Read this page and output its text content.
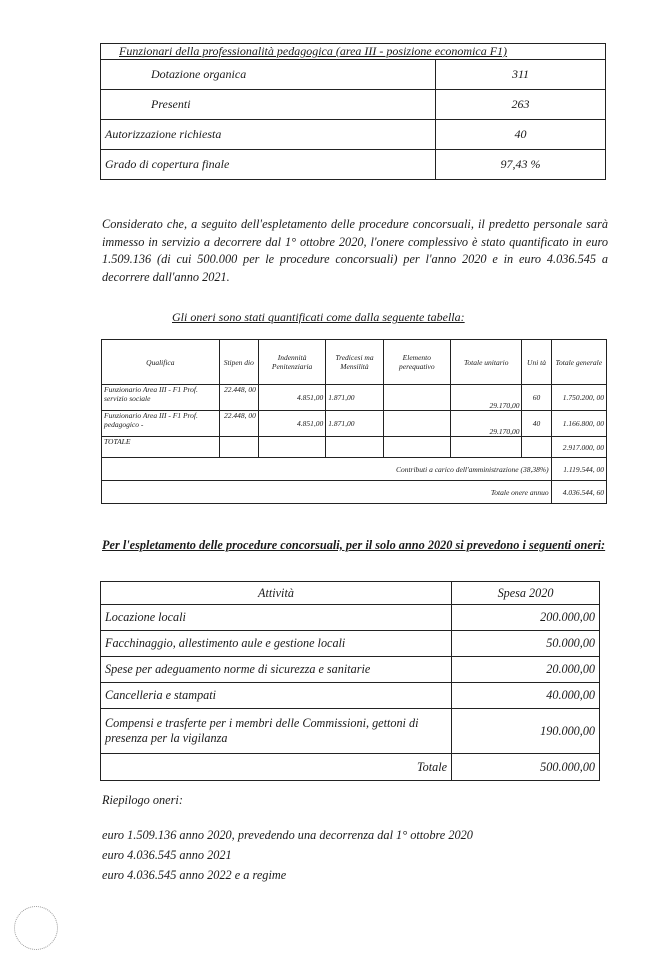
Funzionari della professionalità pedagogica (area III - posizione economica F1)	
Dotazione organica	311
Presenti	263
Autorizzazione richiesta	40
Grado di copertura finale	97,43 %
Considerato che, a seguito dell'espletamento delle procedure concorsuali, il predetto personale sarà immesso in servizio a decorrere dal 1° ottobre 2020, l'onere complessivo è stato quantificato in euro 1.509.136 (di cui 500.000 per le procedure concorsuali) per l'anno 2020 e in euro 4.036.545 a decorrere dall'anno 2021.
Gli oneri sono stati quantificati come dalla seguente tabella:
Qualifica	Stipen dio	Indennità Penitenziaria	Tredicesi ma Mensilità	Elemento perequativo	Totale unitario	Uni tà	Totale generale
Funzionario Area III - F1 Prof. servizio sociale	22.448, 00	4.851,00	1.871,00		29.170,00	60	1.750.200, 00
Funzionario Area III - F1 Prof. pedagogico -	22.448, 00	4.851,00	1.871,00		29.170,00	40	1.166.800, 00
TOTALE							2.917.000, 00
Contributi a carico dell'amministrazione (38,38%)							1.119.544, 00
Totale onere annuo							4.036.544, 60
Per l'espletamento delle procedure concorsuali, per il solo anno 2020 si prevedono i seguenti oneri:
Attività	Spesa 2020
Locazione locali	200.000,00
Facchinaggio, allestimento aule e gestione locali	50.000,00
Spese per adeguamento norme di sicurezza e sanitarie	20.000,00
Cancelleria e stampati	40.000,00
Compensi e trasferte per i membri delle Commissioni, gettoni di presenza per la vigilanza	190.000,00
Totale	500.000,00
Riepilogo oneri:
euro 1.509.136 anno 2020, prevedendo una decorrenza dal 1° ottobre 2020
euro 4.036.545 anno 2021
euro 4.036.545 anno 2022 e a regime
